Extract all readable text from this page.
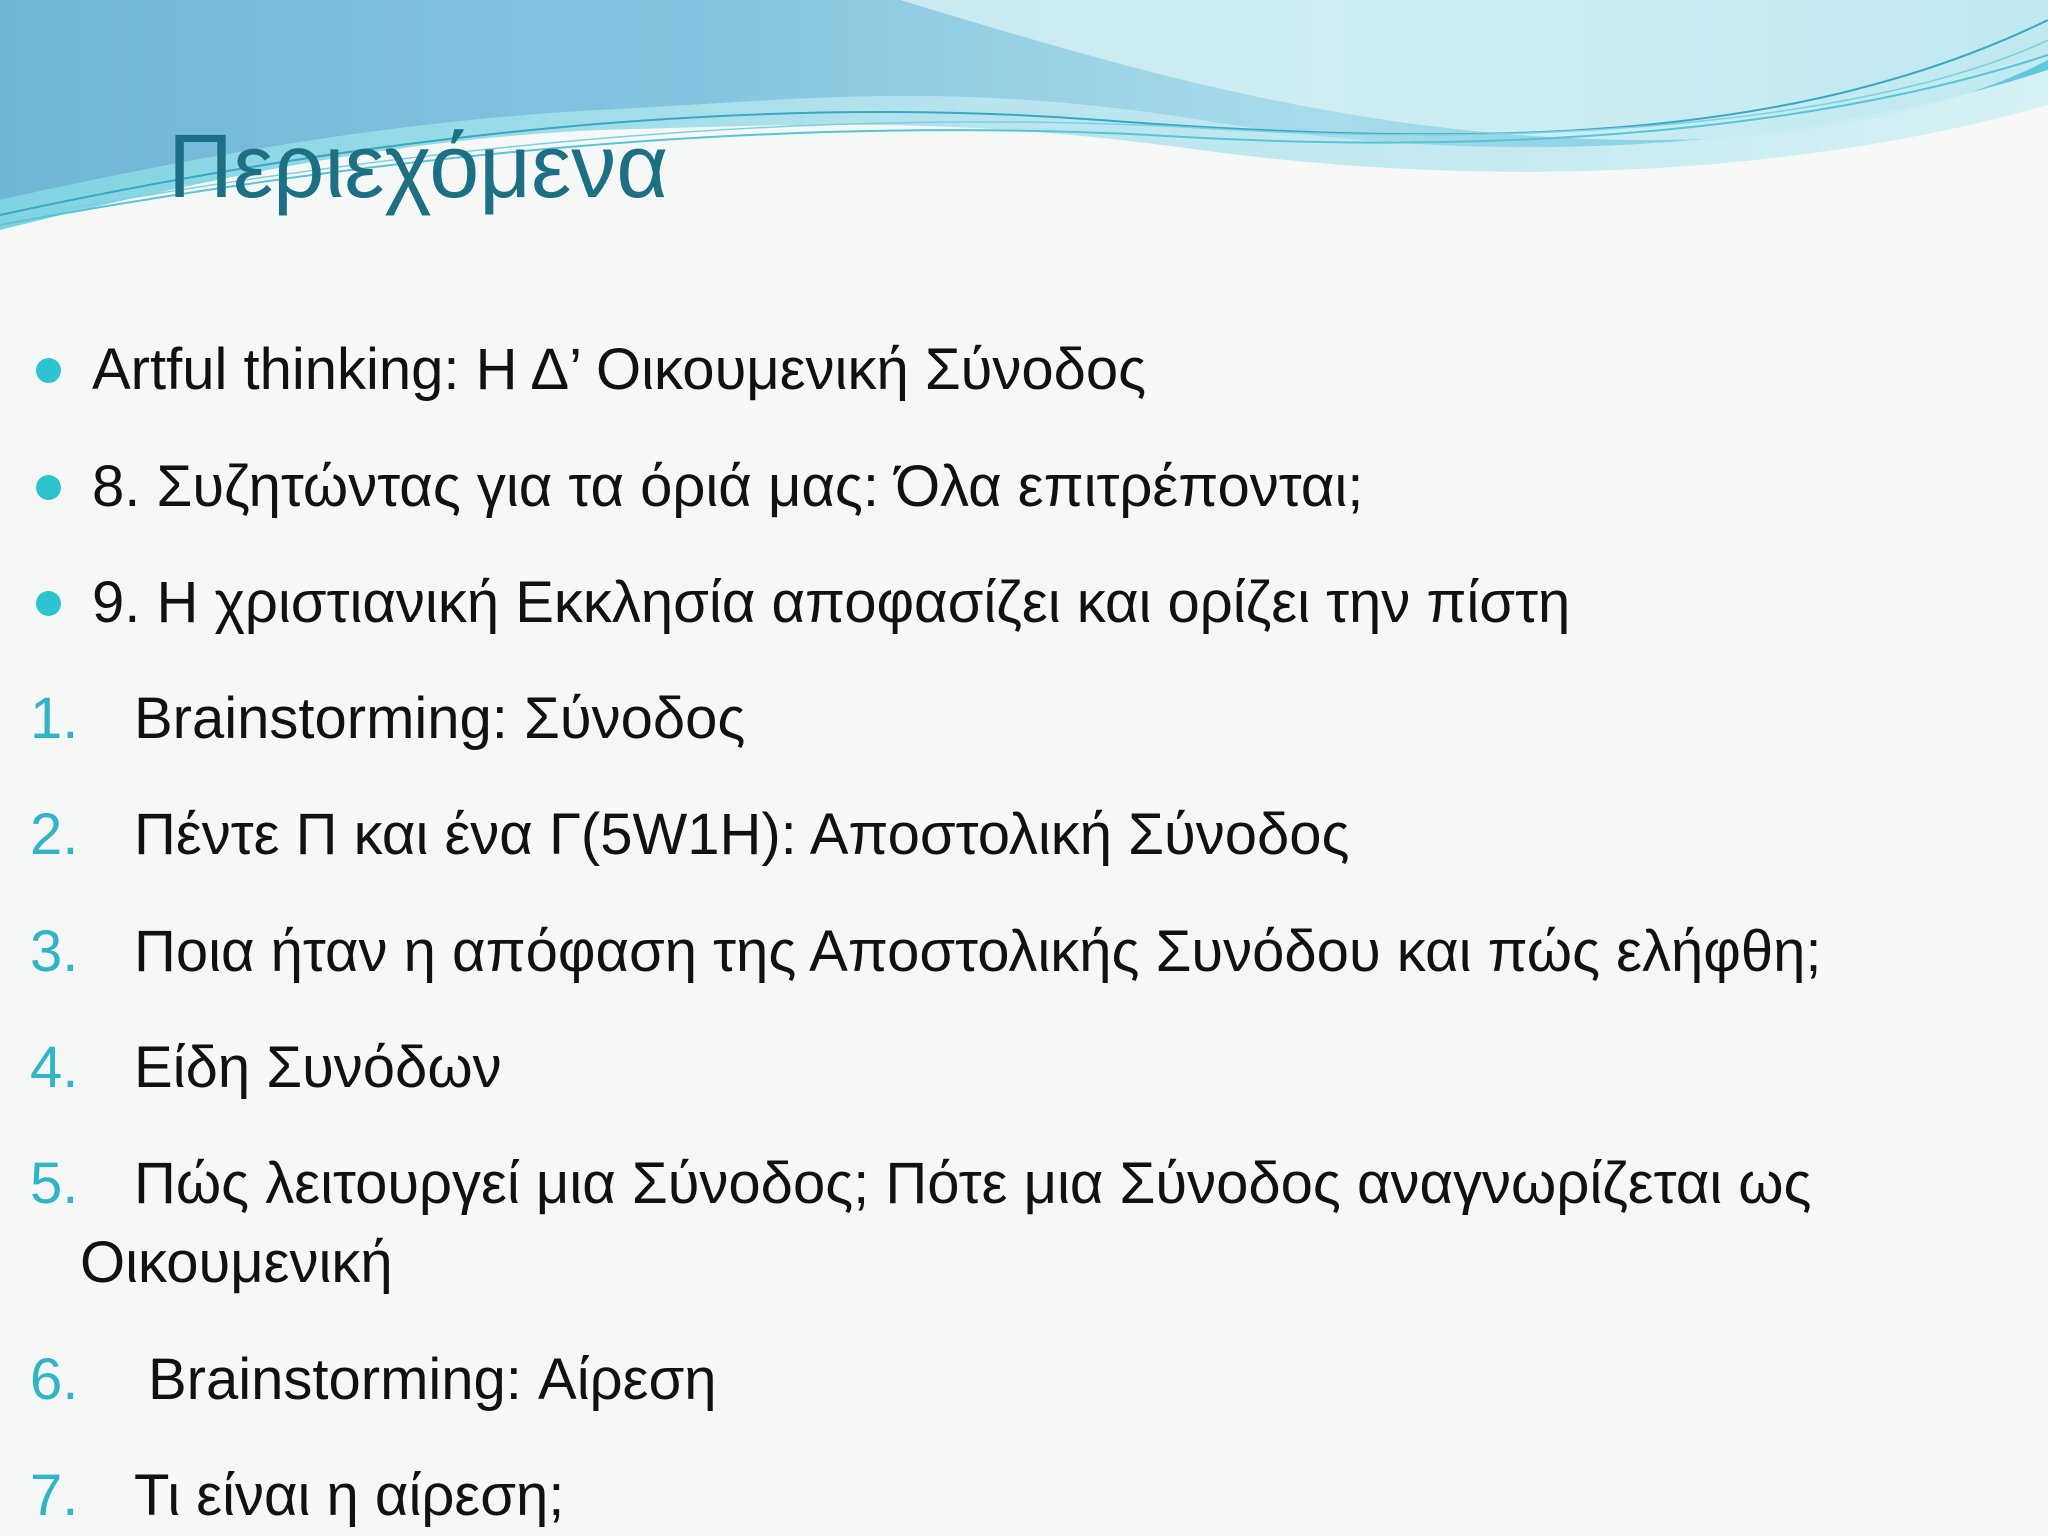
Περιεχόμενα
Artful thinking: Η Δ’ Οικουμενική Σύνοδος
8. Συζητώντας για τα όριά μας: Όλα επιτρέπονται;
9. Η χριστιανική Εκκλησία αποφασίζει και ορίζει την πίστη
1. Brainstorming: Σύνοδος
2. Πέντε Π και ένα Γ(5W1H): Αποστολική Σύνοδος
3. Ποια ήταν η απόφαση της Αποστολικής Συνόδου και πώς ελήφθη;
4. Είδη Συνόδων
5. Πώς λειτουργεί μια Σύνοδος; Πότε μια Σύνοδος αναγνωρίζεται ως
Οικουμενική
6. Brainstorming: Αίρεση
7. Τι είναι η αίρεση;
